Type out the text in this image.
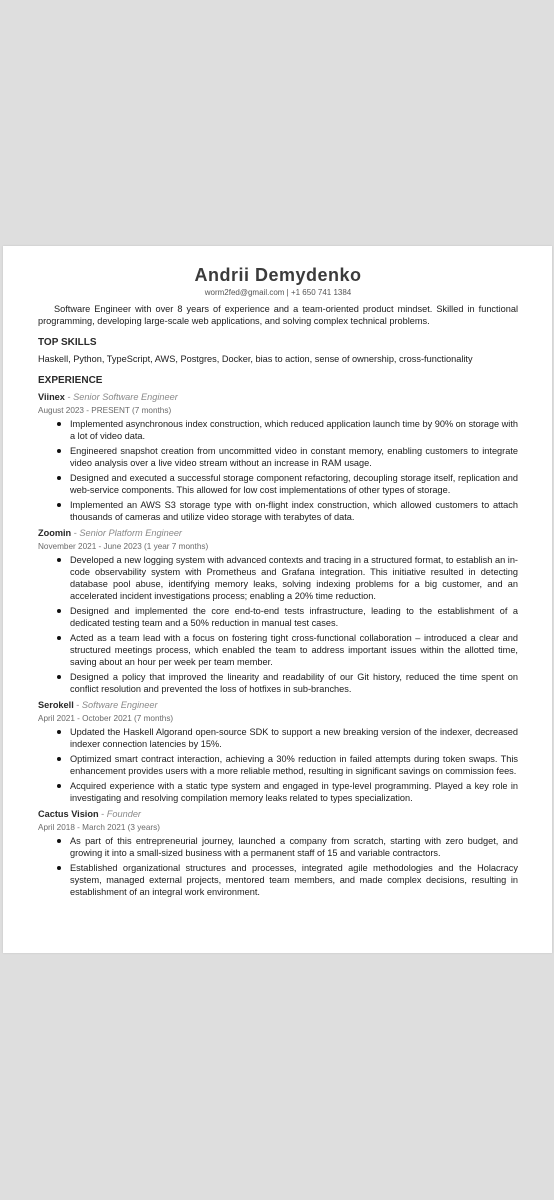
Andrii Demydenko
worm2fed@gmail.com | +1 650 741 1384

Software Engineer with over 8 years of experience and a team-oriented product mindset. Skilled in functional programming, developing large-scale web applications, and solving complex technical problems.

TOP SKILLS

Haskell, Python, TypeScript, AWS, Postgres, Docker, bias to action, sense of ownership, cross-functionality

EXPERIENCE
Viinex - Senior Software Engineer
August 2023 - PRESENT (7 months)
Implemented asynchronous index construction, which reduced application launch time by 90% on storage with a lot of video data.
Engineered snapshot creation from uncommitted video in constant memory, enabling customers to integrate video analysis over a live video stream without an increase in RAM usage.
Designed and executed a successful storage component refactoring, decoupling storage itself, replication and web-service components. This allowed for low cost implementations of other types of storage.
Implemented an AWS S3 storage type with on-flight index construction, which allowed customers to attach thousands of cameras and utilize video storage with terabytes of data.
Zoomin - Senior Platform Engineer
November 2021 - June 2023 (1 year 7 months)
Developed a new logging system with advanced contexts and tracing in a structured format, to establish an in-code observability system with Prometheus and Grafana integration. This initiative resulted in detecting database pool abuse, identifying memory leaks, solving indexing problems for a big customer, and an accelerated incident investigations process; enabling a 20% time reduction.
Designed and implemented the core end-to-end tests infrastructure, leading to the establishment of a dedicated testing team and a 50% reduction in manual test cases.
Acted as a team lead with a focus on fostering tight cross-functional collaboration – introduced a clear and structured meetings process, which enabled the team to address important issues within the allotted time, saving about an hour per week per team member.
Designed a policy that improved the linearity and readability of our Git history, reduced the time spent on conflict resolution and prevented the loss of hotfixes in sub-branches.
Serokell - Software Engineer
April 2021 - October 2021 (7 months)
Updated the Haskell Algorand open-source SDK to support a new breaking version of the indexer, decreased indexer connection latencies by 15%.
Optimized smart contract interaction, achieving a 30% reduction in failed attempts during token swaps. This enhancement provides users with a more reliable method, resulting in significant savings on commission fees.
Acquired experience with a static type system and engaged in type-level programming. Played a key role in investigating and resolving compilation memory leaks related to types specialization.
Cactus Vision - Founder
April 2018 - March 2021 (3 years)
As part of this entrepreneurial journey, launched a company from scratch, starting with zero budget, and growing it into a small-sized business with a permanent staff of 15 and variable contractors.
Established organizational structures and processes, integrated agile methodologies and the Holacracy system, managed external projects, mentored team members, and made complex decisions, resulting in establishment of an integral work environment.
